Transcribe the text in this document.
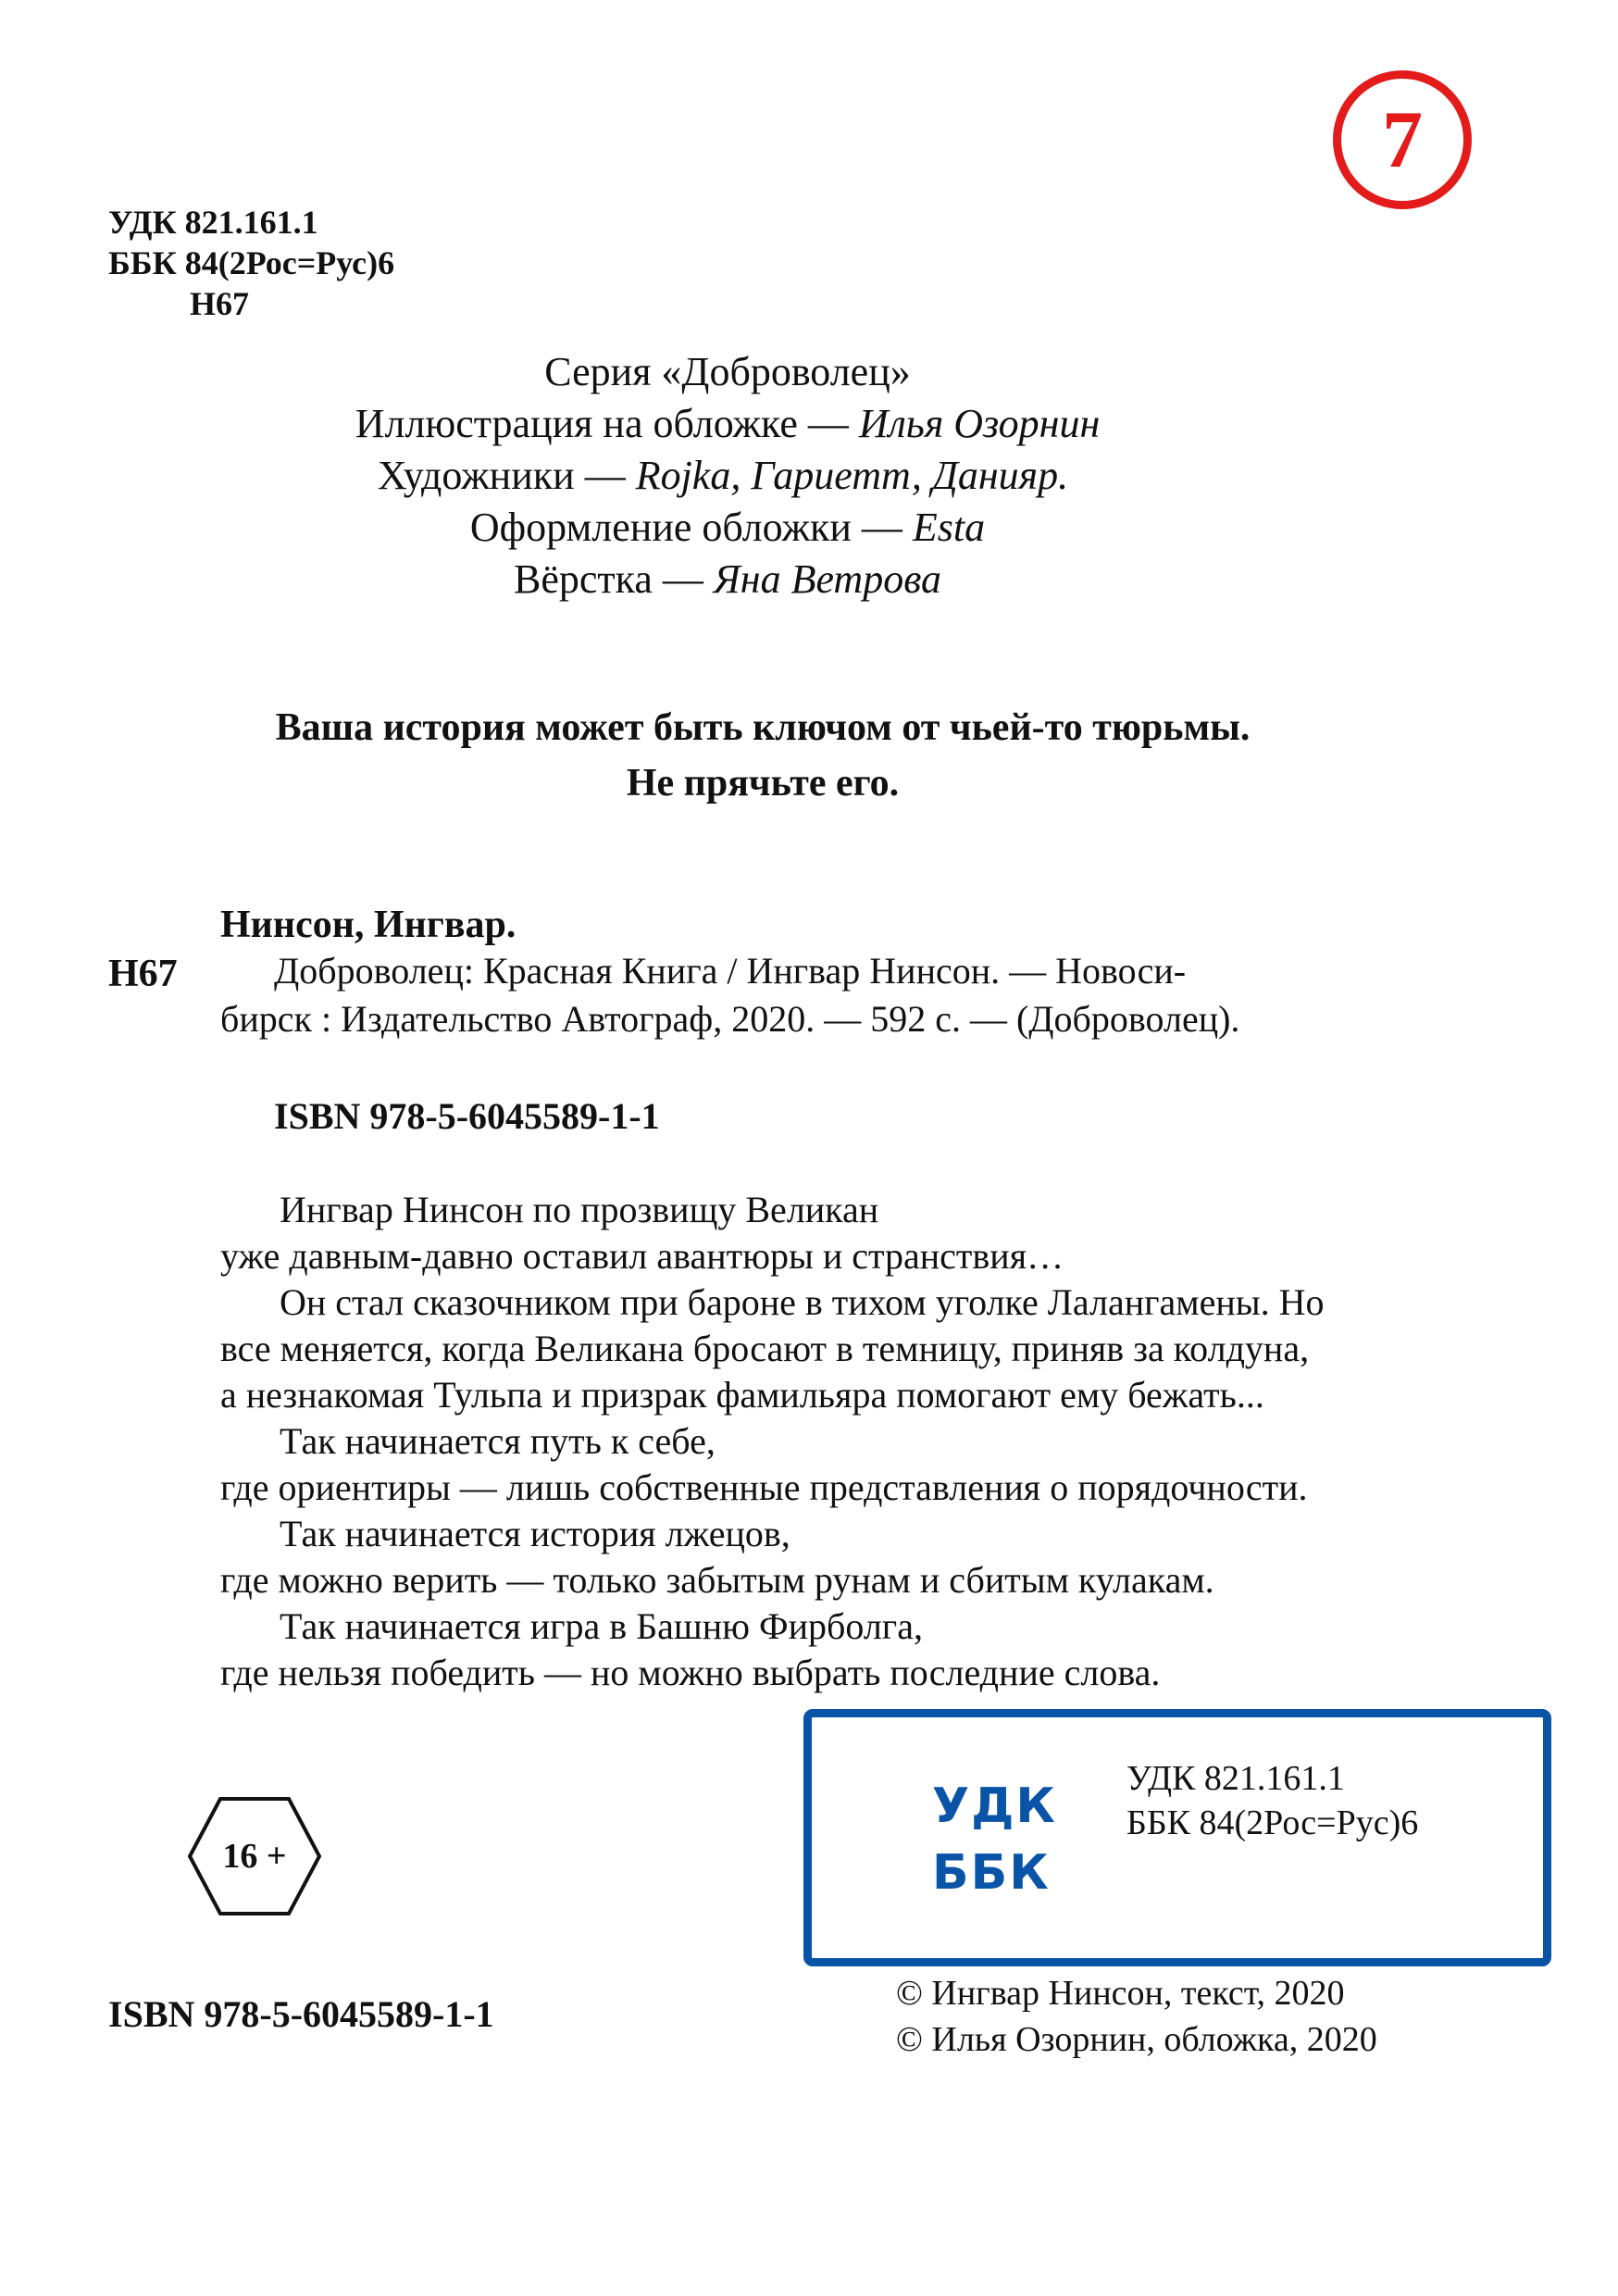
7
УДК 821.161.1
ББК 84(2Рос=Рус)6
Н67
Серия «Доброволец»
Иллюстрация на обложке — Илья Озорнин
Художники — Rojka, Гариетт, Данияр.
Оформление обложки — Esta
Вёрстка — Яна Ветрова
Ваша история может быть ключом от чьей-то тюрьмы.
Не прячьте его.
Нинсон, Ингвар.
Н67	Доброволец: Красная Книга / Ингвар Нинсон. — Новоси-
бирск : Издательство Автограф, 2020. — 592 с. — (Доброволец).
ISBN 978-5-6045589-1-1
Ингвар Нинсон по прозвищу Великан
уже давным-давно оставил авантюры и странствия…
Он стал сказочником при бароне в тихом уголке Лалангамены. Но
все меняется, когда Великана бросают в темницу, приняв за колдуна,
а незнакомая Тульпа и призрак фамильяра помогают ему бежать...
Так начинается путь к себе,
где ориентиры — лишь собственные представления о порядочности.
Так начинается история лжецов,
где можно верить — только забытым рунам и сбитым кулакам.
Так начинается игра в Башню Фирболга,
где нельзя победить — но можно выбрать последние слова.
16 +
УДК
ББК
УДК 821.161.1
ББК 84(2Рос=Рус)6
ISBN 978-5-6045589-1-1	© Ингвар Нинсон, текст, 2020
© Илья Озорнин, обложка, 2020
